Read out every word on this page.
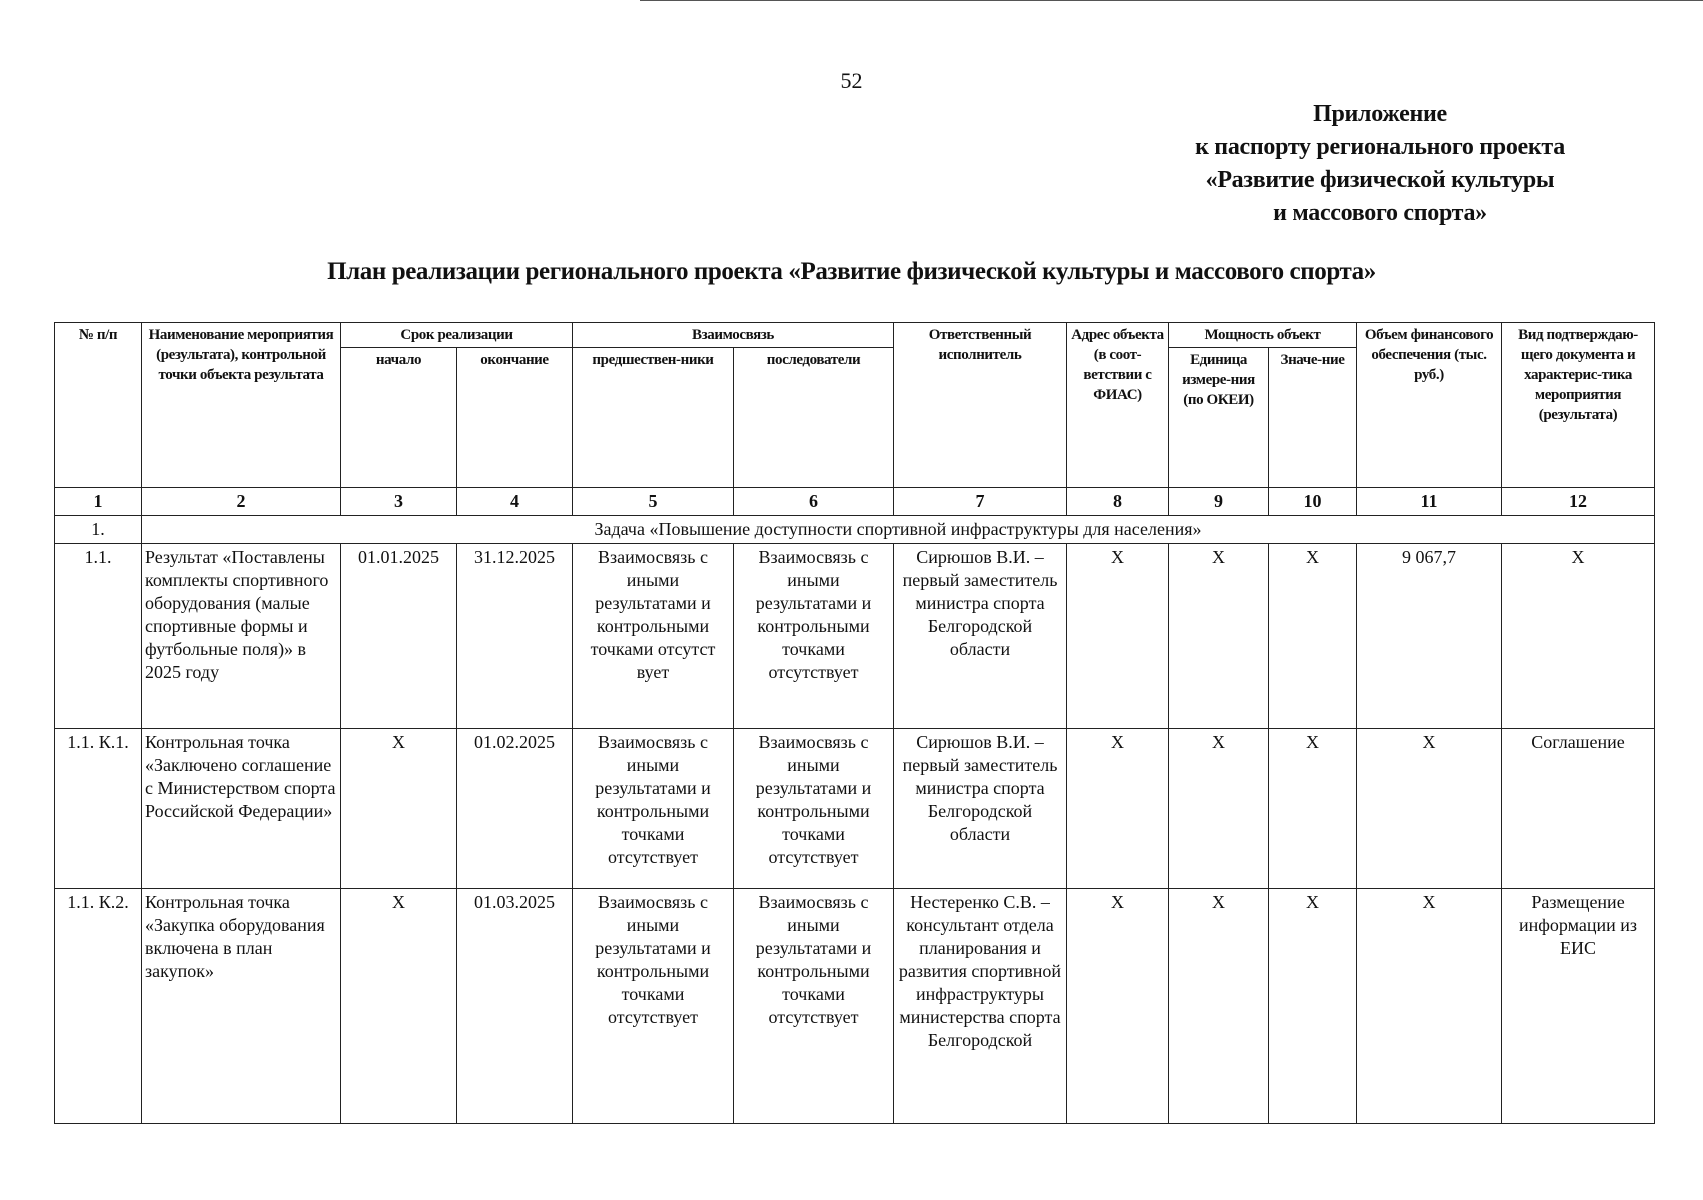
52
Приложение
к паспорту регионального проекта
«Развитие физической культуры
и массового спорта»
План реализации регионального проекта «Развитие физической культуры и массового спорта»
№ п/п	Наименование мероприятия (результата), контрольной точки объекта результата	Срок реализации		Взаимосвязь		Ответственный исполнитель	Адрес объекта (в соот-ветствии с ФИАС)	Мощность объект		Объем финансового обеспечения (тыс. руб.)	Вид подтверждаю-щего документа и характерис-тика мероприятия (результата)
		начало	окончание	предшествен-ники	последователи			Единица измере-ния (по ОКЕИ)	Значе-ние		
1	2	3	4	5	6	7	8	9	10	11	12
1.	Задача «Повышение доступности спортивной инфраструктуры для населения»										
1.1.	Результат «Поставлены комплекты спортивного оборудования (малые спортивные формы и футбольные поля)» в 2025 году	01.01.2025	31.12.2025	Взаимосвязь с иными результатами и контрольными точками отсутст вует	Взаимосвязь с иными результатами и контрольными точками отсутствует	Сирюшов В.И. – первый заместитель министра спорта Белгородской области	Х	Х	Х	9 067,7	Х
1.1. К.1.	Контрольная точка «Заключено соглашение с Министерством спорта Российской Федерации»	Х	01.02.2025	Взаимосвязь с иными результатами и контрольными точками отсутствует	Взаимосвязь с иными результатами и контрольными точками отсутствует	Сирюшов В.И. – первый заместитель министра спорта Белгородской области	Х	Х	Х	Х	Соглашение
1.1. К.2.	Контрольная точка «Закупка оборудования включена в план закупок»	Х	01.03.2025	Взаимосвязь с иными результатами и контрольными точками отсутствует	Взаимосвязь с иными результатами и контрольными точками отсутствует	Нестеренко С.В. – консультант отдела планирования и развития спортивной инфраструктуры министерства спорта Белгородской	Х	Х	Х	Х	Размещение информации из ЕИС
